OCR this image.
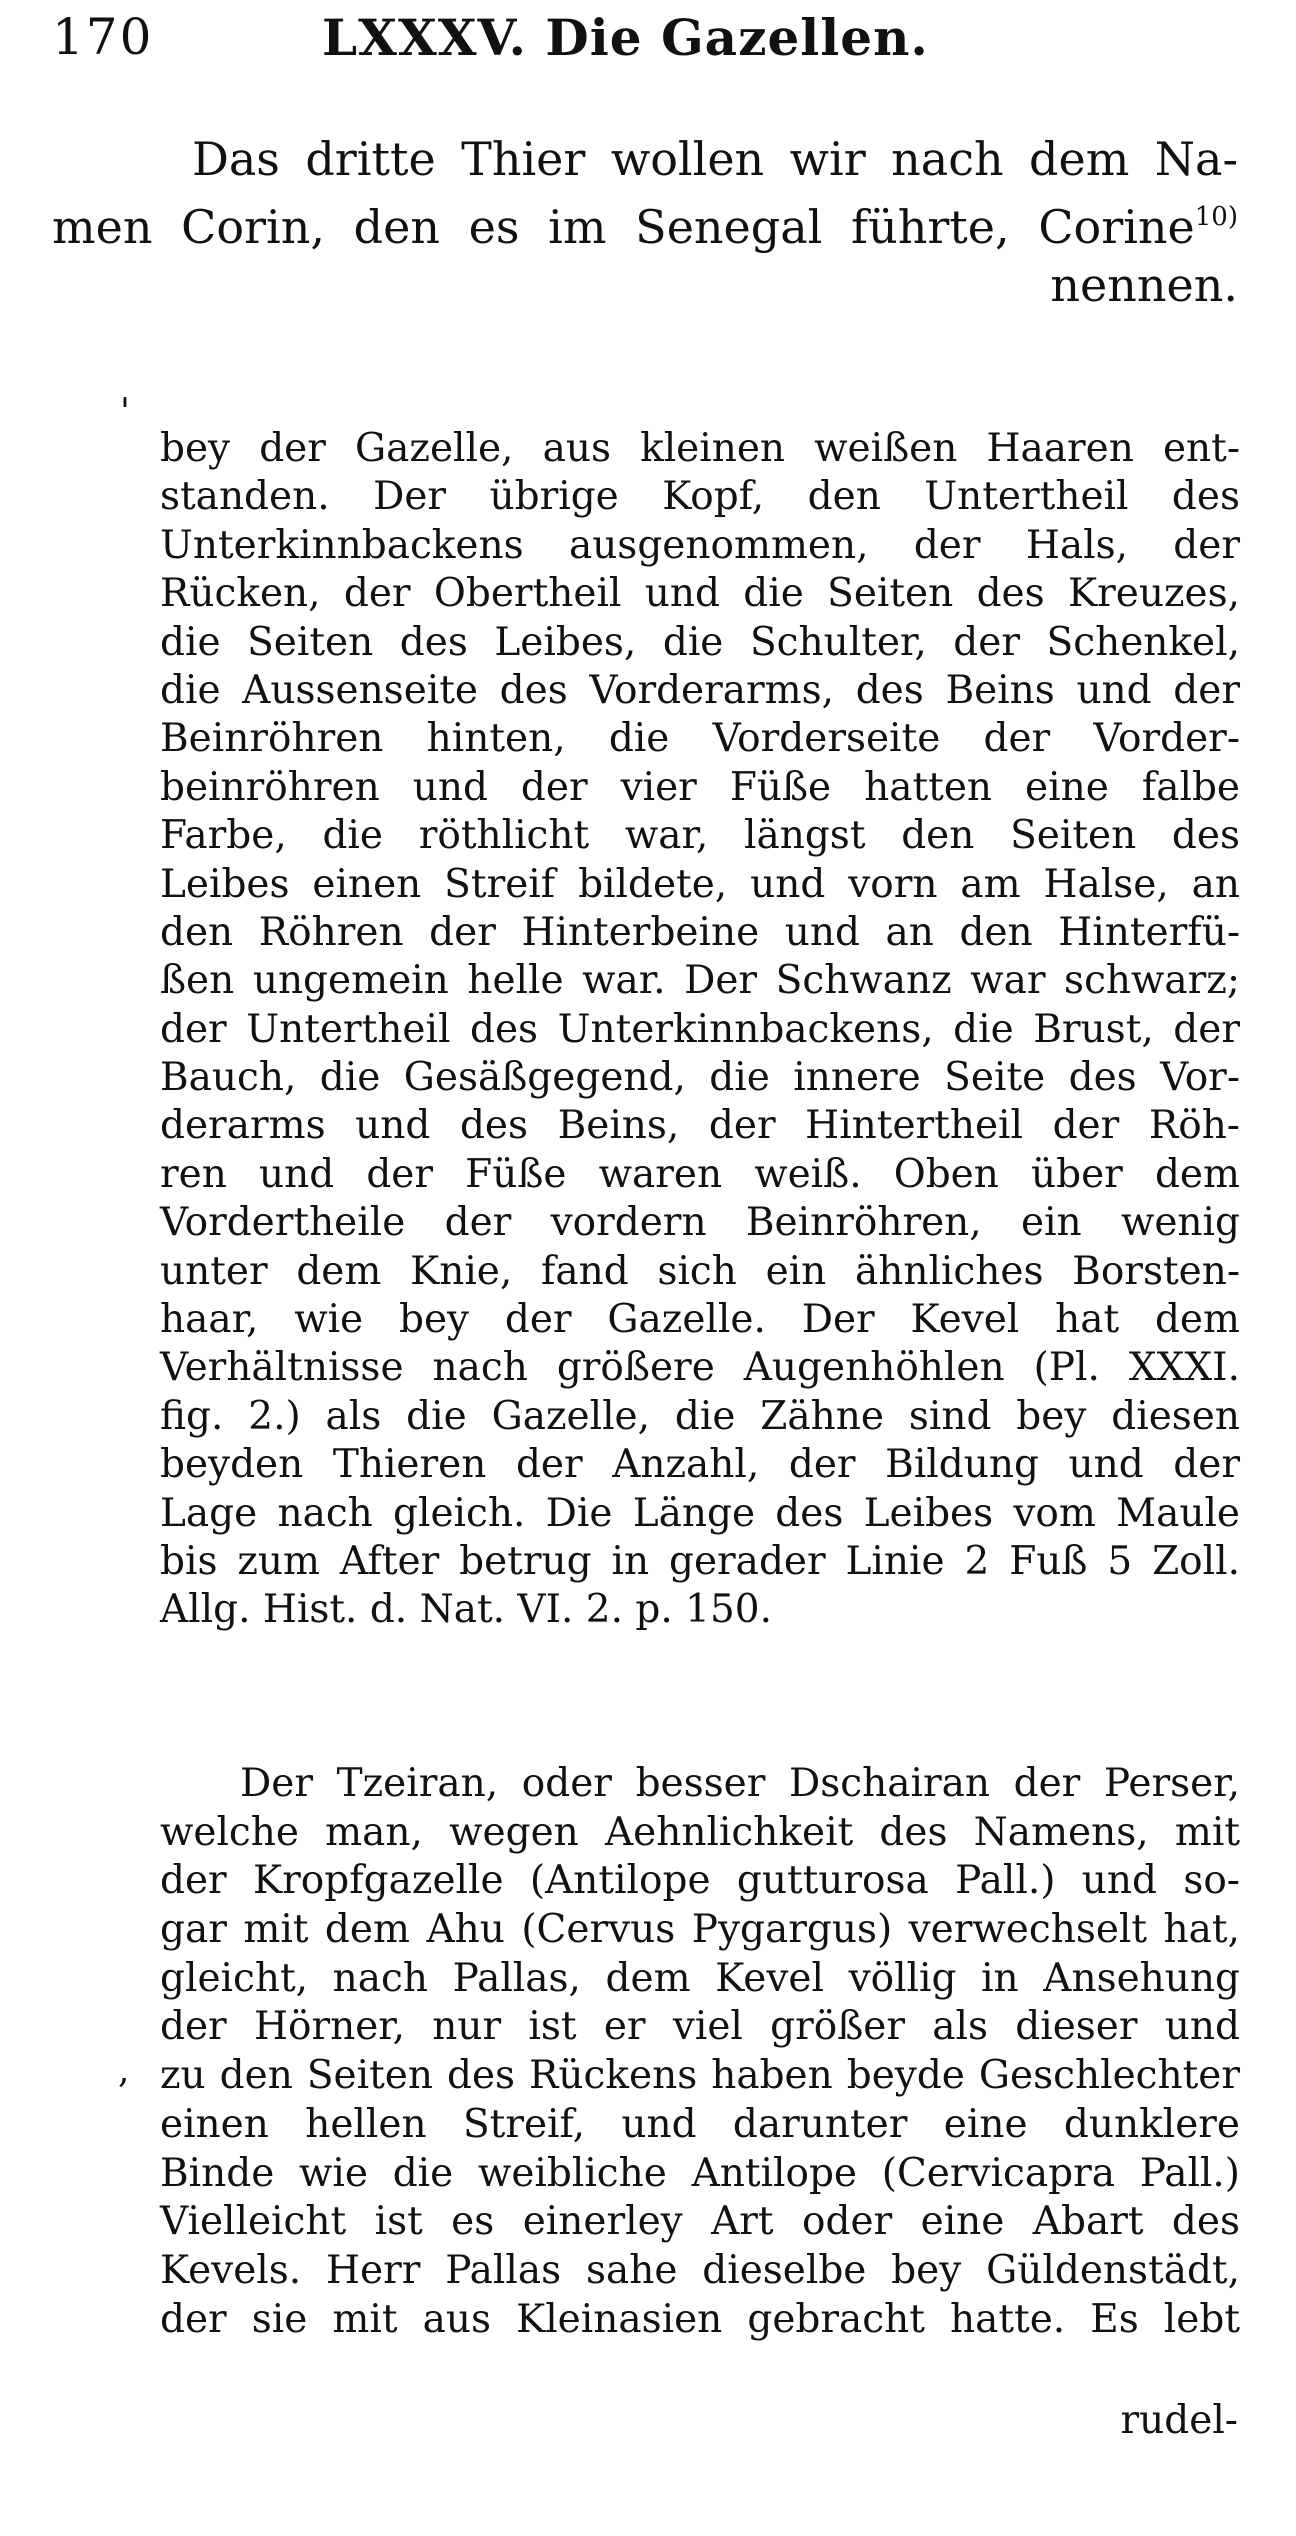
170	LXXXV. Die Gazellen.
Das dritte Thier wollen wir nach dem Na-
men Corin, den es im Senegal führte, Corine$^{10)}$
nennen.
'
,
bey der Gazelle, aus kleinen weißen Haaren ent-
standen. Der übrige Kopf, den Untertheil des
Unterkinnbackens ausgenommen, der Hals, der
Rücken, der Obertheil und die Seiten des Kreuzes,
die Seiten des Leibes, die Schulter, der Schenkel,
die Aussenseite des Vorderarms, des Beins und der
Beinröhren hinten, die Vorderseite der Vorder-
beinröhren und der vier Füße hatten eine falbe
Farbe, die röthlicht war, längst den Seiten des
Leibes einen Streif bildete, und vorn am Halse, an
den Röhren der Hinterbeine und an den Hinterfü-
ßen ungemein helle war. Der Schwanz war schwarz;
der Untertheil des Unterkinnbackens, die Brust, der
Bauch, die Gesäßgegend, die innere Seite des Vor-
derarms und des Beins, der Hintertheil der Röh-
ren und der Füße waren weiß. Oben über dem
Vordertheile der vordern Beinröhren, ein wenig
unter dem Knie, fand sich ein ähnliches Borsten-
haar, wie bey der Gazelle. Der Kevel hat dem
Verhältnisse nach größere Augenhöhlen (Pl. XXXI.
fig. 2.) als die Gazelle, die Zähne sind bey diesen
beyden Thieren der Anzahl, der Bildung und der
Lage nach gleich. Die Länge des Leibes vom Maule
bis zum After betrug in gerader Linie 2 Fuß 5 Zoll.
Allg. Hist. d. Nat. VI. 2. p. 150.
Der Tzeiran, oder besser Dschairan der Perser,
welche man, wegen Aehnlichkeit des Namens, mit
der Kropfgazelle (Antilope gutturosa Pall.) und so-
gar mit dem Ahu (Cervus Pygargus) verwechselt hat,
gleicht, nach Pallas, dem Kevel völlig in Ansehung
der Hörner, nur ist er viel größer als dieser und
zu den Seiten des Rückens haben beyde Geschlechter
einen hellen Streif, und darunter eine dunklere
Binde wie die weibliche Antilope (Cervicapra Pall.)
Vielleicht ist es einerley Art oder eine Abart des
Kevels. Herr Pallas sahe dieselbe bey Güldenstädt,
der sie mit aus Kleinasien gebracht hatte. Es lebt
rudel-
